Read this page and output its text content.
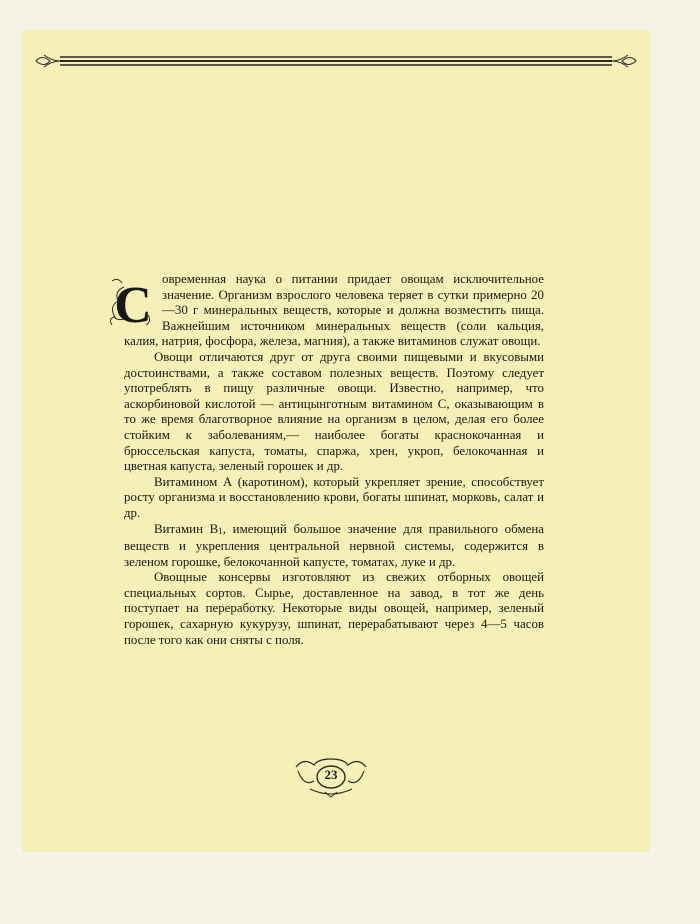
С овременная наука о питании придает овощам исключительное значение. Организм взрослого человека теряет в сутки примерно 20—30 г минеральных веществ, которые и должна возместить пища. Важнейшим источником минеральных веществ (соли кальция, калия, натрия, фосфора, железа, магния), а также витаминов служат овощи.

Овощи отличаются друг от друга своими пищевыми и вкусовыми достоинствами, а также составом полезных веществ. Поэтому следует употреблять в пищу различные овощи. Известно, например, что аскорбиновой кислотой — антицынготным витамином С, оказывающим в то же время благотворное влияние на организм в целом, делая его более стойким к заболеваниям,— наиболее богаты краснокочанная и брюссельская капуста, томаты, спаржа, хрен, укроп, белокочанная и цветная капуста, зеленый горошек и др.

Витамином А (каротином), который укрепляет зрение, способствует росту организма и восстановлению крови, богаты шпинат, морковь, салат и др.

Витамин В1, имеющий большое значение для правильного обмена веществ и укрепления центральной нервной системы, содержится в зеленом горошке, белокочанной капусте, томатах, луке и др.

Овощные консервы изготовляют из свежих отборных овощей специальных сортов. Сырье, доставленное на завод, в тот же день поступает на переработку. Некоторые виды овощей, например, зеленый горошек, сахарную кукурузу, шпинат, перерабатывают через 4—5 часов после того как они сняты с поля.

23
